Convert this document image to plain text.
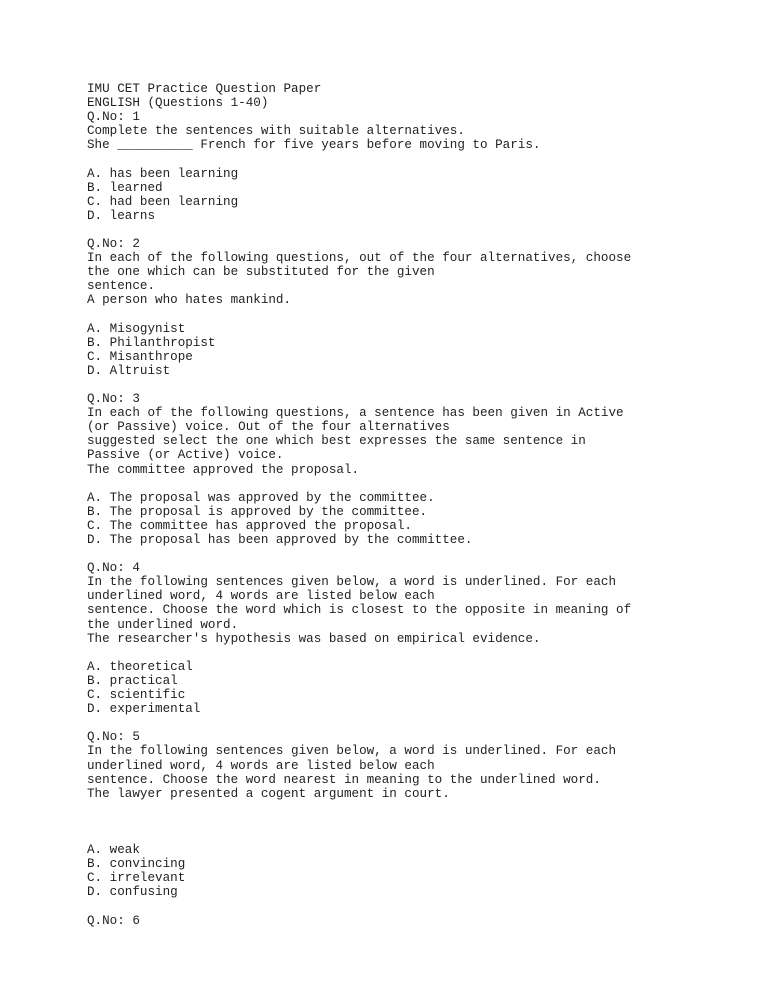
IMU CET Practice Question Paper
ENGLISH (Questions 1-40)
Q.No: 1
Complete the sentences with suitable alternatives.
She __________ French for five years before moving to Paris.
A. has been learning
B. learned
C. had been learning
D. learns
Q.No: 2
In each of the following questions, out of the four alternatives, choose
the one which can be substituted for the given
sentence.
A person who hates mankind.
A. Misogynist
B. Philanthropist
C. Misanthrope
D. Altruist
Q.No: 3
In each of the following questions, a sentence has been given in Active
(or Passive) voice. Out of the four alternatives
suggested select the one which best expresses the same sentence in
Passive (or Active) voice.
The committee approved the proposal.
A. The proposal was approved by the committee.
B. The proposal is approved by the committee.
C. The committee has approved the proposal.
D. The proposal has been approved by the committee.
Q.No: 4
In the following sentences given below, a word is underlined. For each
underlined word, 4 words are listed below each
sentence. Choose the word which is closest to the opposite in meaning of
the underlined word.
The researcher's hypothesis was based on empirical evidence.
A. theoretical
B. practical
C. scientific
D. experimental
Q.No: 5
In the following sentences given below, a word is underlined. For each
underlined word, 4 words are listed below each
sentence. Choose the word nearest in meaning to the underlined word.
The lawyer presented a cogent argument in court.
A. weak
B. convincing
C. irrelevant
D. confusing
Q.No: 6
